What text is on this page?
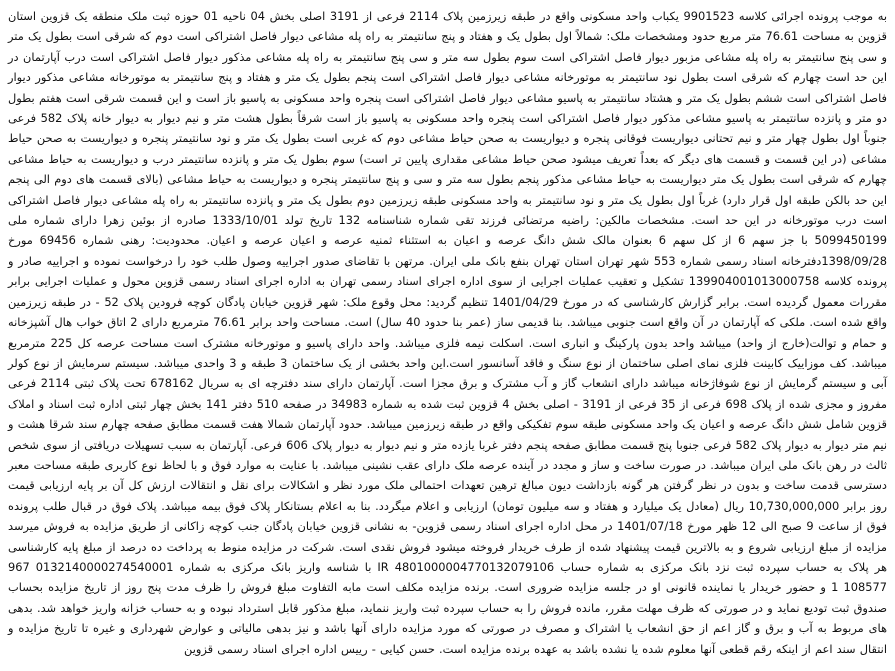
به موجب پرونده اجرائی کلاسه 9901523 یکباب واحد مسکونی واقع در طبقه زیرزمین پلاک 2114 فرعی از 3191 اصلی بخش 04 ناحیه 01 حوزه ثبت ملک منطقه یک قزوین استان قزوین به مساحت 76.61 متر مربع حدود ومشخصات ملک: شمالاً اول بطول یک و هفتاد و پنج سانتیمتر به راه پله مشاعی دیوار فاصل اشتراکی است دوم که شرقی است بطول یک متر و سی پنج سانتیمتر به راه پله مشاعی مزبور دیوار فاصل اشتراکی است سوم بطول سه متر و سی پنج سانتیمتر به راه پله مشاعی مذکور دیوار فاصل اشتراکی است درب آپارتمان در این حد است چهارم که شرقی است بطول نود سانتیمتر به موتورخانه مشاعی دیوار فاصل اشتراکی است پنجم بطول یک متر و هفتاد و پنج سانتیمتر به موتورخانه مشاعی مذکور دیوار فاصل اشتراکی است ششم بطول یک متر و هشتاد سانتیمتر به پاسیو مشاعی دیوار فاصل اشتراکی است پنجره واحد مسکونی به پاسیو باز است و این قسمت شرقی است هفتم بطول دو متر و پانزده سانتیمتر به پاسیو مشاعی مذکور دیوار فاصل اشتراکی است پنجره واحد مسکونی به پاسیو باز است شرقاً بطول هشت متر و نیم دیوار به دیوار خانه پلاک 582 فرعی جنوباً اول بطول چهار متر و نیم تحتانی دیواریست فوقانی پنجره و دیواریست به صحن حیاط مشاعی دوم که غربی است بطول یک متر و نود سانتیمتر پنجره و دیواریست به صحن حیاط مشاعی (در این قسمت و قسمت های دیگر که بعداً تعریف میشود صحن حیاط مشاعی مقداری پایین تر است) سوم بطول یک متر و پانزده سانتیمتر درب و دیواریست به حیاط مشاعی چهارم که شرقی است بطول یک متر دیواریست به حیاط مشاعی مذکور پنجم بطول سه متر و سی و پنج سانتیمتر پنجره و دیواریست به حیاط مشاعی (بالای قسمت های دوم الی پنجم این حد بالکن طبقه اول قرار دارد) غرباً اول بطول یک متر و نود سانتیمتر به واحد مسکونی طبقه زیرزمین دوم بطول یک متر و پانزده سانتیمتر به راه پله مشاعی دیوار فاصل اشتراکی است درب موتورخانه در این حد است. مشخصات مالکین: راضیه مرتضائی فرزند تقی شماره شناسنامه 132 تاریخ تولد 1333/10/01 صادره از بوئین زهرا دارای شماره ملی 5099450199 با جز سهم 6 از کل سهم 6 بعنوان مالک شش دانگ عرصه و اعیان به استثناء ثمنیه عرصه و اعیان عرصه و اعیان. محدودیت: رهنی شماره 69456 مورخ 1398/09/28دفترخانه اسناد رسمی شماره 553 شهر تهران استان تهران بنفع بانک ملی ایران. مرتهن با تقاضای صدور اجراییه وصول طلب خود را درخواست نموده و اجراییه صادر و پرونده کلاسه 139904001013000758 تشکیل و تعقیب عملیات اجرایی از سوی اداره اجرای اسناد رسمی تهران به اداره اجرای اسناد رسمی قزوین محول و عملیات اجرایی برابر مقررات معمول گردیده است. برابر گزارش کارشناسی که در مورخ 1401/04/29 تنظیم گردید: محل وقوع ملک: شهر قزوین خیابان پادگان کوچه فرودین پلاک 52 - در طبقه زیرزمین واقع شده است. ملکی که آپارتمان در آن واقع است جنوبی میباشد. بنا قدیمی ساز (عمر بنا حدود 40 سال) است. مساحت واحد برابر 76.61 مترمربع دارای 2 اتاق خواب هال آشپزخانه و حمام و توالت(خارج از واحد) میباشد واحد بدون پارکینگ و انباری است. اسکلت نیمه فلزی میباشد. واحد دارای پاسیو و موتورخانه مشترک است مساحت عرصه کل 225 مترمربع میباشد. کف موزاییک کابینت فلزی نمای اصلی ساختمان از نوع سنگ و فاقد آسانسور است.این واحد بخشی از یک ساختمان 3 طبقه و 3 واحدی میباشد. سیستم سرمایش از نوع کولر آبی و سیستم گرمایش از نوع شوفاژخانه میباشد دارای انشعاب گاز و آب مشترک و برق مجزا است. آپارتمان دارای سند دفترچه ای به سریال 678162 تحت پلاک ثبتی 2114 فرعی مفروز و مجزی شده از پلاک 698 فرعی از 35 فرعی از 3191 - اصلی بخش 4 قزوین ثبت شده به شماره 34983 در صفحه 510 دفتر 141 بخش چهار ثبتی اداره ثبت اسناد و املاک قزوین شامل شش دانگ عرصه و اعیان یک واحد مسکونی طبقه سوم تفکیکی واقع در طبقه زیرزمین میباشد. حدود آپارتمان شمالا هفت قسمت مطابق صفحه چهارم سند شرقا هشت و نیم متر دیوار به دیوار پلاک 582 فرعی جنوبا پنج قسمت مطابق صفحه پنجم دفتر غربا یازده متر و نیم دیوار به دیوار پلاک 606 فرعی. آپارتمان به سبب تسهیلات دریافتی از سوی شخص ثالث در رهن بانک ملی ایران میباشد. در صورت ساخت و ساز و مجدد در آینده عرصه ملک دارای عقب نشینی میباشد. با عنایت به موارد فوق و با لحاظ نوع کاربری طبقه مساحت معبر دسترسی قدمت ساخت و بدون در نظر گرفتن هر گونه بازداشت دیون مبالغ ترهین تعهدات احتمالی ملک مورد نظر و اشکالات برای نقل و انتقالات ارزش کل آن بر پایه ارزیابی قیمت روز برابر 10,730,000,000 ریال (معادل یک میلیارد و هفتاد و سه میلیون تومان) ارزیابی و اعلام میگردد. بنا به اعلام بستانکار پلاک فوق بیمه میباشد. پلاک فوق در قبال طلب پرونده فوق از ساعت 9 صبح الی 12 ظهر مورخ 1401/07/18 در محل اداره اجرای اسناد رسمی قزوین- به نشانی قزوین خیابان پادگان جنب کوچه زاکانی از طریق مزایده به فروش میرسد مزایده از مبلغ ارزیابی شروع و به بالاترین قیمت پیشنهاد شده از طرف خریدار فروخته میشود فروش نقدی است. شرکت در مزایده منوط به پرداخت ده درصد از مبلغ پایه کارشناسی هر پلاک به حساب سپرده ثبت نزد بانک مرکزی به شماره حساب 4801000004770132079106 IR با شناسه واریز بانک مرکزی به شماره 0132140000274540001 967 108577 1 و حضور خریدار یا نماینده قانونی او در جلسه مزایده ضروری است. برنده مزایده مکلف است مابه التفاوت مبلغ فروش را ظرف مدت پنج روز از تاریخ مزایده بحساب صندوق ثبت تودیع نماید و در صورتی که ظرف مهلت مقرر، مانده فروش را به حساب سپرده ثبت واریز ننماید، مبلغ مذکور قابل استرداد نبوده و به حساب خزانه واریز خواهد شد. بدهی های مربوط به آب و برق و گاز اعم از حق انشعاب یا اشتراک و مصرف در صورتی که مورد مزایده دارای آنها باشد و نیز بدهی مالیاتی و عوارض شهرداری و غیره تا تاریخ مزایده و انتقال سند اعم از اینکه رقم قطعی آنها معلوم شده یا نشده باشد به عهده برنده مزایده است. حسن کیایی - رییس اداره اجرای اسناد رسمی قزوین
